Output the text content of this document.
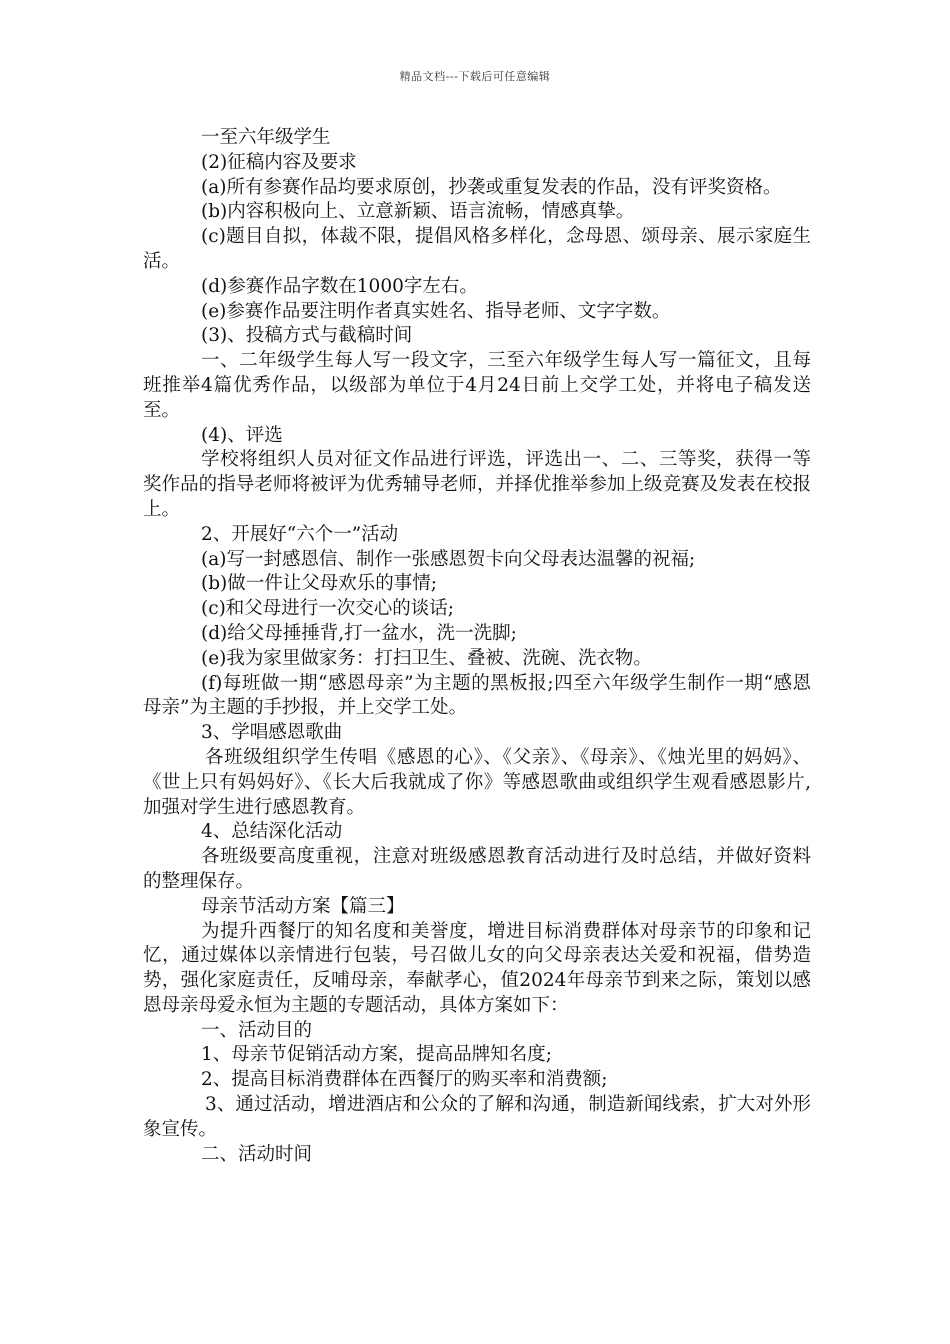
精品文档---下载后可任意编辑

一至六年级学生

(2)征稿内容及要求

(a)所有参赛作品均要求原创，抄袭或重复发表的作品，没有评奖资格。

(b)内容积极向上、立意新颖、语言流畅，情感真挚。

(c)题目自拟，体裁不限，提倡风格多样化，念母恩、颂母亲、展示家庭生活。

(d)参赛作品字数在1000字左右。

(e)参赛作品要注明作者真实姓名、指导老师、文字字数。

(3)、投稿方式与截稿时间

一、二年级学生每人写一段文字，三至六年级学生每人写一篇征文，且每班推举4篇优秀作品，以级部为单位于4月24日前上交学工处，并将电子稿发送至。

(4)、评选

学校将组织人员对征文作品进行评选，评选出一、二、三等奖，获得一等奖作品的指导老师将被评为优秀辅导老师，并择优推举参加上级竞赛及发表在校报上。

2、开展好“六个一”活动

(a)写一封感恩信、制作一张感恩贺卡向父母表达温馨的祝福;

(b)做一件让父母欢乐的事情;

(c)和父母进行一次交心的谈话;

(d)给父母捶捶背,打一盆水，洗一洗脚;

(e)我为家里做家务：打扫卫生、叠被、洗碗、洗衣物。

(f)每班做一期“感恩母亲”为主题的黑板报;四至六年级学生制作一期“感恩母亲”为主题的手抄报，并上交学工处。

3、学唱感恩歌曲

各班级组织学生传唱《感恩的心》、《父亲》、《母亲》、《烛光里的妈妈》、《世上只有妈妈好》、《长大后我就成了你》等感恩歌曲或组织学生观看感恩影片,加强对学生进行感恩教育。

4、总结深化活动

各班级要高度重视，注意对班级感恩教育活动进行及时总结，并做好资料的整理保存。

母亲节活动方案【篇三】

为提升西餐厅的知名度和美誉度，增进目标消费群体对母亲节的印象和记忆，通过媒体以亲情进行包装，号召做儿女的向父母亲表达关爱和祝福，借势造势，强化家庭责任，反哺母亲，奉献孝心，值2024年母亲节到来之际，策划以感恩母亲母爱永恒为主题的专题活动，具体方案如下：

一、活动目的

1、母亲节促销活动方案，提高品牌知名度;

2、提高目标消费群体在西餐厅的购买率和消费额;

3、通过活动，增进酒店和公众的了解和沟通，制造新闻线索，扩大对外形象宣传。

二、活动时间
